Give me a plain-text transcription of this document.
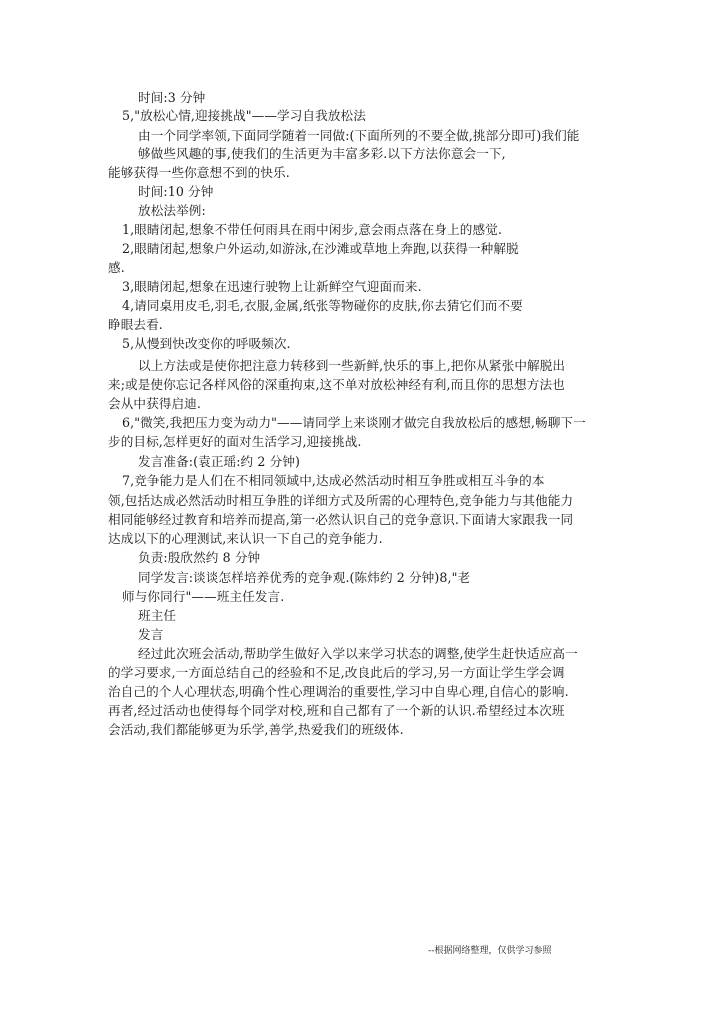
时间:3 分钟
5,"放松心情,迎接挑战"——学习自我放松法
由一个同学率领,下面同学随着一同做:(下面所列的不要全做,挑部分即可)我们能
够做些风趣的事,使我们的生活更为丰富多彩.以下方法你意会一下,
能够获得一些你意想不到的快乐.
时间:10 分钟
放松法举例:
1,眼睛闭起,想象不带任何雨具在雨中闲步,意会雨点落在身上的感觉.
2,眼睛闭起,想象户外运动,如游泳,在沙滩或草地上奔跑,以获得一种解脱
感.
3,眼睛闭起,想象在迅速行驶物上让新鲜空气迎面而来.
4,请同桌用皮毛,羽毛,衣服,金属,纸张等物碰你的皮肤,你去猜它们而不要
睁眼去看.
5,从慢到快改变你的呼吸频次.
以上方法或是使你把注意力转移到一些新鲜,快乐的事上,把你从紧张中解脱出
来;或是使你忘记各样风俗的深重拘束,这不单对放松神经有利,而且你的思想方法也
会从中获得启迪.
6,"微笑,我把压力变为动力"——请同学上来谈刚才做完自我放松后的感想,畅聊下一
步的目标,怎样更好的面对生活学习,迎接挑战.
发言准备:(袁正瑶:约 2 分钟)
7,竞争能力是人们在不相同领域中,达成必然活动时相互争胜或相互斗争的本
领,包括达成必然活动时相互争胜的详细方式及所需的心理特色,竞争能力与其他能力
相同能够经过教育和培养而提高,第一必然认识自己的竞争意识.下面请大家跟我一同
达成以下的心理测试,来认识一下自己的竞争能力.
负责:殷欣然约 8 分钟
同学发言:谈谈怎样培养优秀的竞争观.(陈炜约 2 分钟)8,"老
师与你同行"——班主任发言.
班主任
发言
经过此次班会活动,帮助学生做好入学以来学习状态的调整,使学生赶快适应高一
的学习要求,一方面总结自己的经验和不足,改良此后的学习,另一方面让学生学会调
治自己的个人心理状态,明确个性心理调治的重要性,学习中自卑心理,自信心的影响.
再者,经过活动也使得每个同学对校,班和自己都有了一个新的认识.希望经过本次班
会活动,我们都能够更为乐学,善学,热爱我们的班级体.
--根据网络整理，仅供学习参照
